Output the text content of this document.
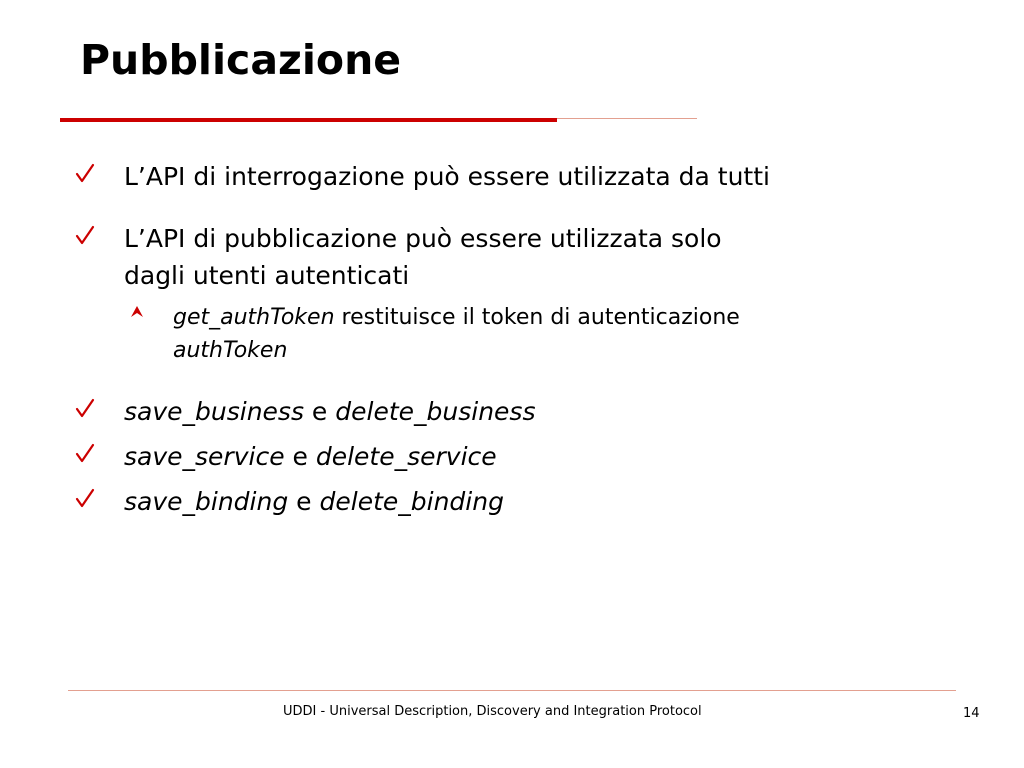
Pubblicazione
L’API di interrogazione può essere utilizzata da tutti
L’API di pubblicazione può essere utilizzata solo
dagli utenti autenticati
get_authToken restituisce il token di autenticazione
authToken
save_business e delete_business
save_service e delete_service
save_binding e delete_binding
UDDI - Universal Description, Discovery and Integration Protocol	14
